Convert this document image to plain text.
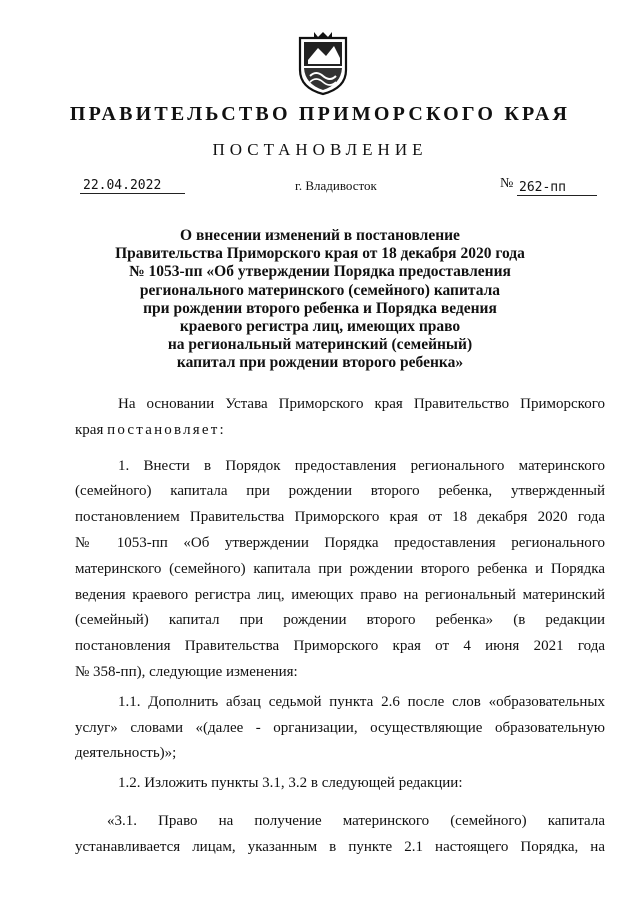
ПРАВИТЕЛЬСТВО ПРИМОРСКОГО КРАЯ
ПОСТАНОВЛЕНИЕ
22.04.2022	г. Владивосток	№ 262-пп
О внесении изменений в постановление
Правительства Приморского края от 18 декабря 2020 года
№ 1053-пп «Об утверждении Порядка предоставления
регионального материнского (семейного) капитала
при рождении второго ребенка и Порядка ведения
краевого регистра лиц, имеющих право
на региональный материнский (семейный)
капитал при рождении второго ребенка»
На основании Устава Приморского края Правительство Приморского
края постановляет:
1. Внести в Порядок предоставления регионального материнского
(семейного) капитала при рождении второго ребенка, утвержденный
постановлением Правительства Приморского края от 18 декабря 2020 года
№ 1053-пп «Об утверждении Порядка предоставления регионального
материнского (семейного) капитала при рождении второго ребенка и Порядка
ведения краевого регистра лиц, имеющих право на региональный материнский
(семейный) капитал при рождении второго ребенка» (в редакции
постановления Правительства Приморского края от 4 июня 2021 года
№ 358-пп), следующие изменения:
1.1. Дополнить абзац седьмой пункта 2.6 после слов «образовательных
услуг» словами «(далее - организации, осуществляющие образовательную
деятельность)»;
1.2. Изложить пункты 3.1, 3.2 в следующей редакции:
«3.1. Право на получение материнского (семейного) капитала
устанавливается лицам, указанным в пункте 2.1 настоящего Порядка, на
